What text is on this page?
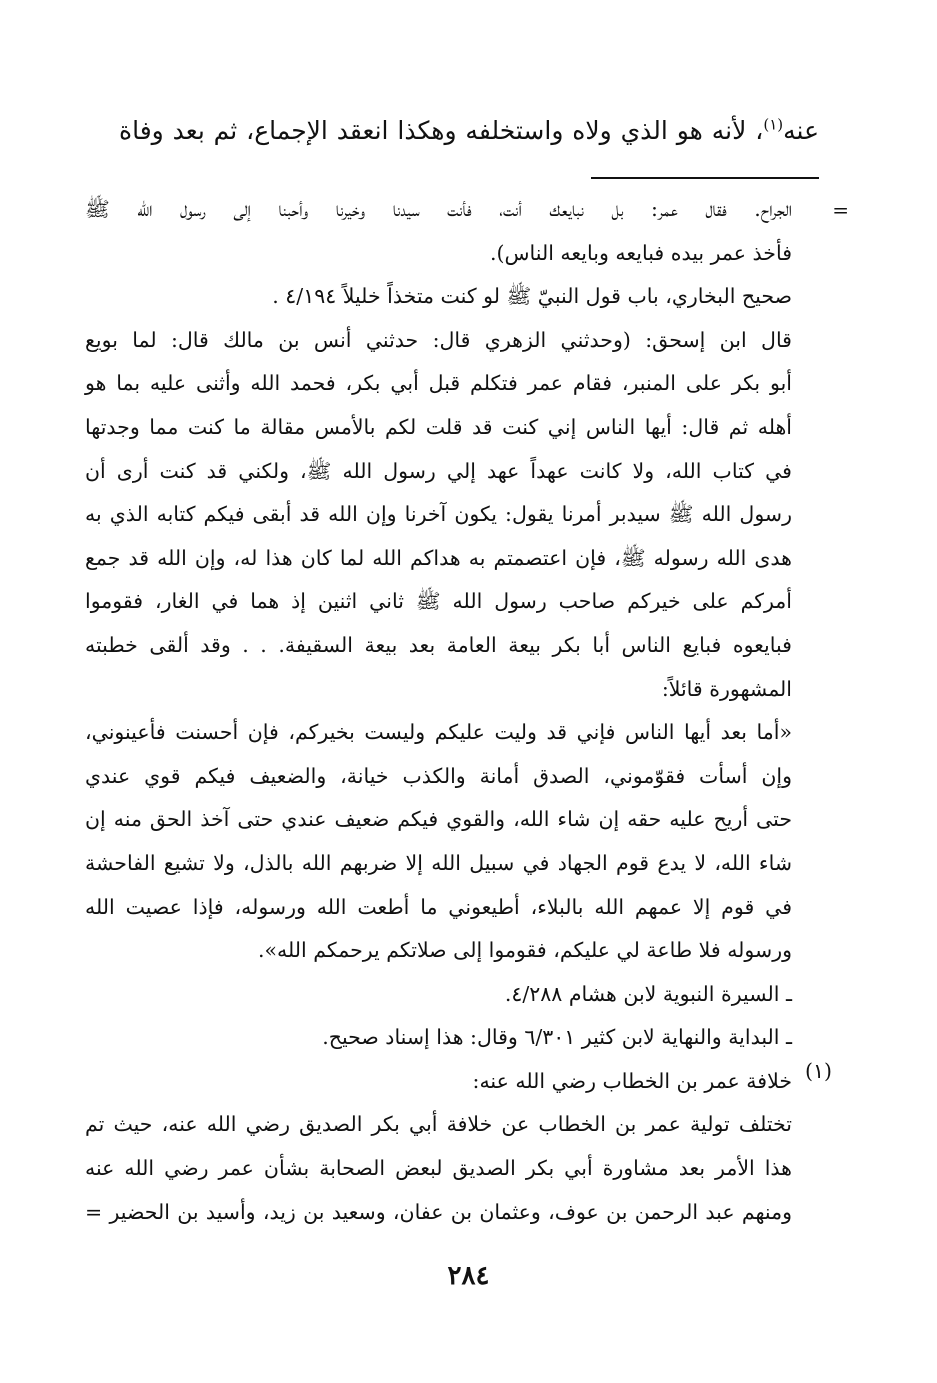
عنه$^{(١)}$، لأنه هو الذي ولاه واستخلفه وهكذا انعقد الإجماع، ثم بعد وفاة
=
(١)
الجراح. فقال عمر: بل نبايعك أنت، فأنت سيدنا وخيرنا وأحبنا إلى رسول الله ﷺ
فأخذ عمر بيده فبايعه وبايعه الناس).
صحيح البخاري، باب قول النبيّ ﷺ لو كنت متخذاً خليلاً ٤/١٩٤ .
قال ابن إسحق: (وحدثني الزهري قال: حدثني أنس بن مالك قال: لما بويع
أبو بكر على المنبر، فقام عمر فتكلم قبل أبي بكر، فحمد الله وأثنى عليه بما هو
أهله ثم قال: أيها الناس إني كنت قد قلت لكم بالأمس مقالة ما كنت مما وجدتها
في كتاب الله، ولا كانت عهداً عهد إلي رسول الله ﷺ، ولكني قد كنت أرى أن
رسول الله ﷺ سيدبر أمرنا يقول: يكون آخرنا وإن الله قد أبقى فيكم كتابه الذي به
هدى الله رسوله ﷺ، فإن اعتصمتم به هداكم الله لما كان هذا له، وإن الله قد جمع
أمركم على خيركم صاحب رسول الله ﷺ ثاني اثنين إذ هما في الغار، فقوموا
فبايعوه فبايع الناس أبا بكر بيعة العامة بعد بيعة السقيفة. . . وقد ألقى خطبته
المشهورة قائلاً:
«أما بعد أيها الناس فإني قد وليت عليكم وليست بخيركم، فإن أحسنت فأعينوني،
وإن أسأت فقوّموني، الصدق أمانة والكذب خيانة، والضعيف فيكم قوي عندي
حتى أريح عليه حقه إن شاء الله، والقوي فيكم ضعيف عندي حتى آخذ الحق منه إن
شاء الله، لا يدع قوم الجهاد في سبيل الله إلا ضربهم الله بالذل، ولا تشيع الفاحشة
في قوم إلا عمهم الله بالبلاء، أطيعوني ما أطعت الله ورسوله، فإذا عصيت الله
ورسوله فلا طاعة لي عليكم، فقوموا إلى صلاتكم يرحمكم الله».
ـ السيرة النبوية لابن هشام ٤/٢٨٨.
ـ البداية والنهاية لابن كثير ٦/٣٠١ وقال: هذا إسناد صحيح.
خلافة عمر بن الخطاب رضي الله عنه:
تختلف تولية عمر بن الخطاب عن خلافة أبي بكر الصديق رضي الله عنه، حيث تم
هذا الأمر بعد مشاورة أبي بكر الصديق لبعض الصحابة بشأن عمر رضي الله عنه
ومنهم عبد الرحمن بن عوف، وعثمان بن عفان، وسعيد بن زيد، وأسيد بن الحضير =
٢٨٤
